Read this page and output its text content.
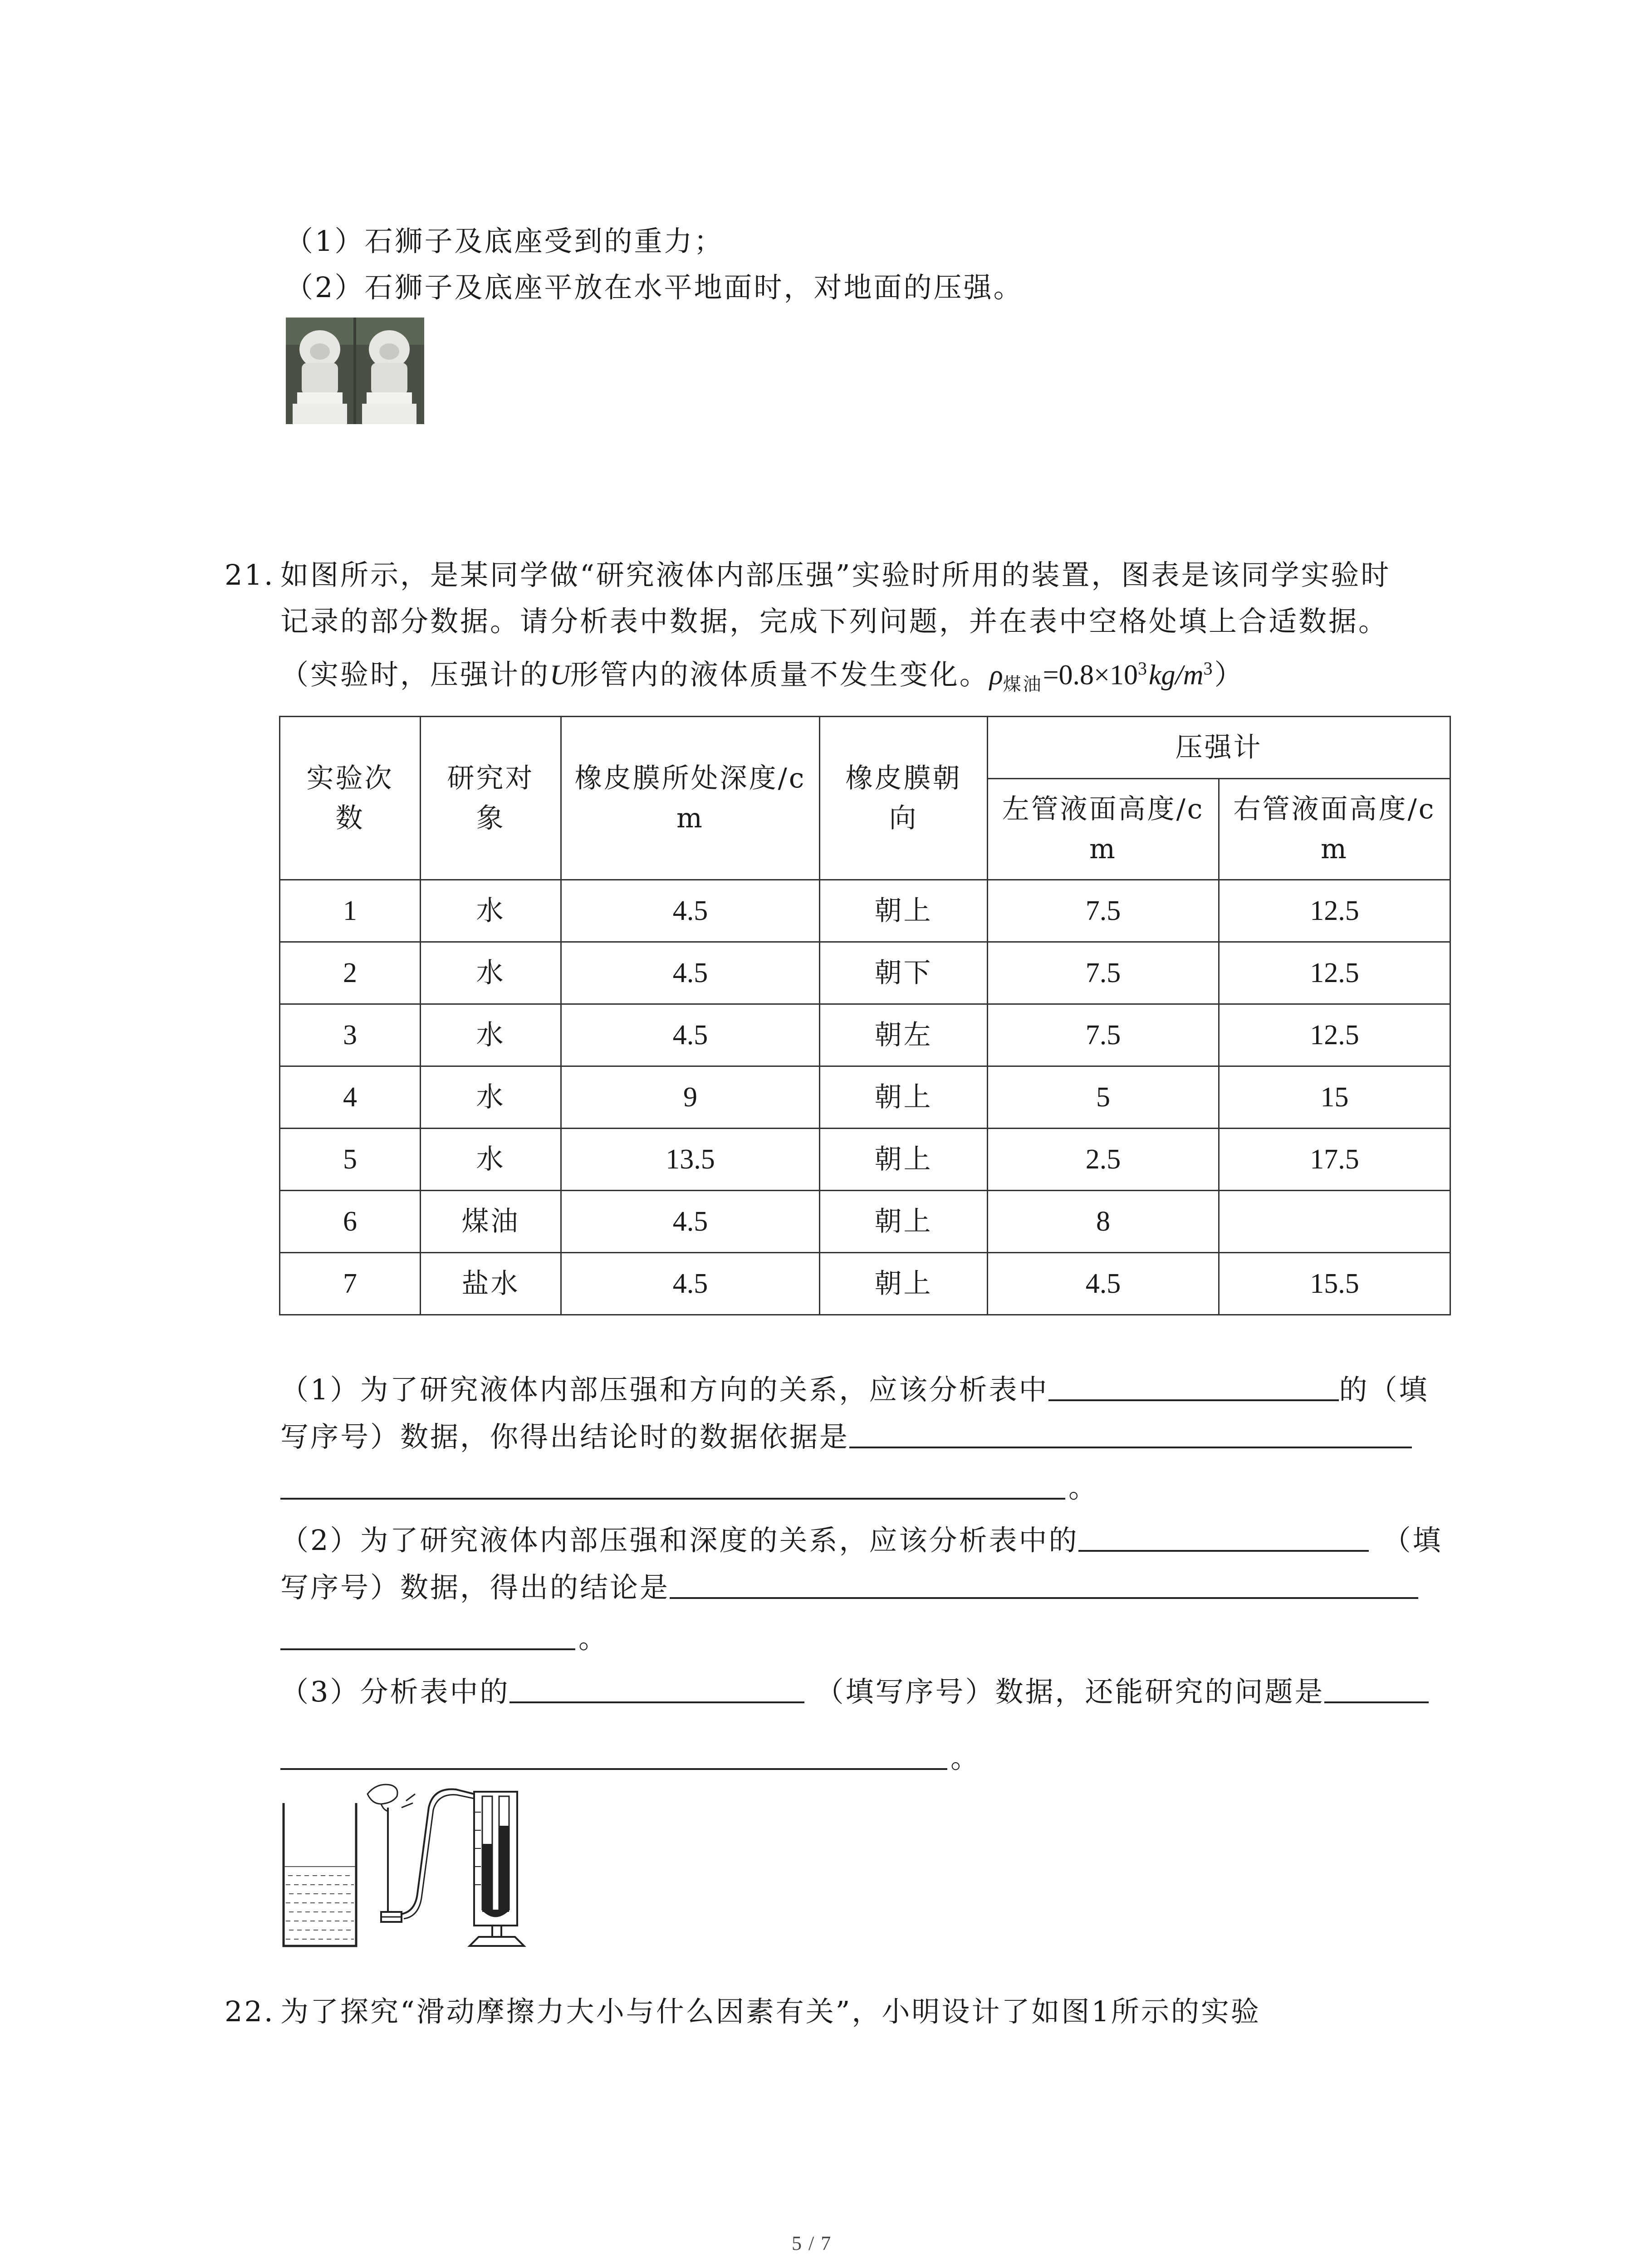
（1）石狮子及底座受到的重力；
（2）石狮子及底座平放在水平地面时，对地面的压强。
21. 如图所示，是某同学做“研究液体内部压强”实验时所用的装置，图表是该同学实验时
记录的部分数据。请分析表中数据，完成下列问题，并在表中空格处填上合适数据。
（实验时，压强计的U形管内的液体质量不发生变化。$\rho_{煤油}=0.8\times 10^3kg/m^3$）
实验次数	研究对象	橡皮膜所处深度/cm	橡皮膜朝向	压强计	

				左管液面高度/cm	右管液面高度/cm

1	水	4.5	朝上	7.5	12.5
2	水	4.5	朝下	7.5	12.5
3	水	4.5	朝左	7.5	12.5
4	水	9	朝上	5	15
5	水	13.5	朝上	2.5	17.5
6	煤油	4.5	朝上	8	
7	盐水	4.5	朝上	4.5	15.5
（1）为了研究液体内部压强和方向的关系，应该分析表中	的（填
写序号）数据，你得出结论时的数据依据是
。
（2）为了研究液体内部压强和深度的关系，应该分析表中的	（填
写序号）数据，得出的结论是
。
（3）分析表中的	（填写序号）数据，还能研究的问题是
。
22. 为了探究“滑动摩擦力大小与什么因素有关”，小明设计了如图1所示的实验
5 / 7
